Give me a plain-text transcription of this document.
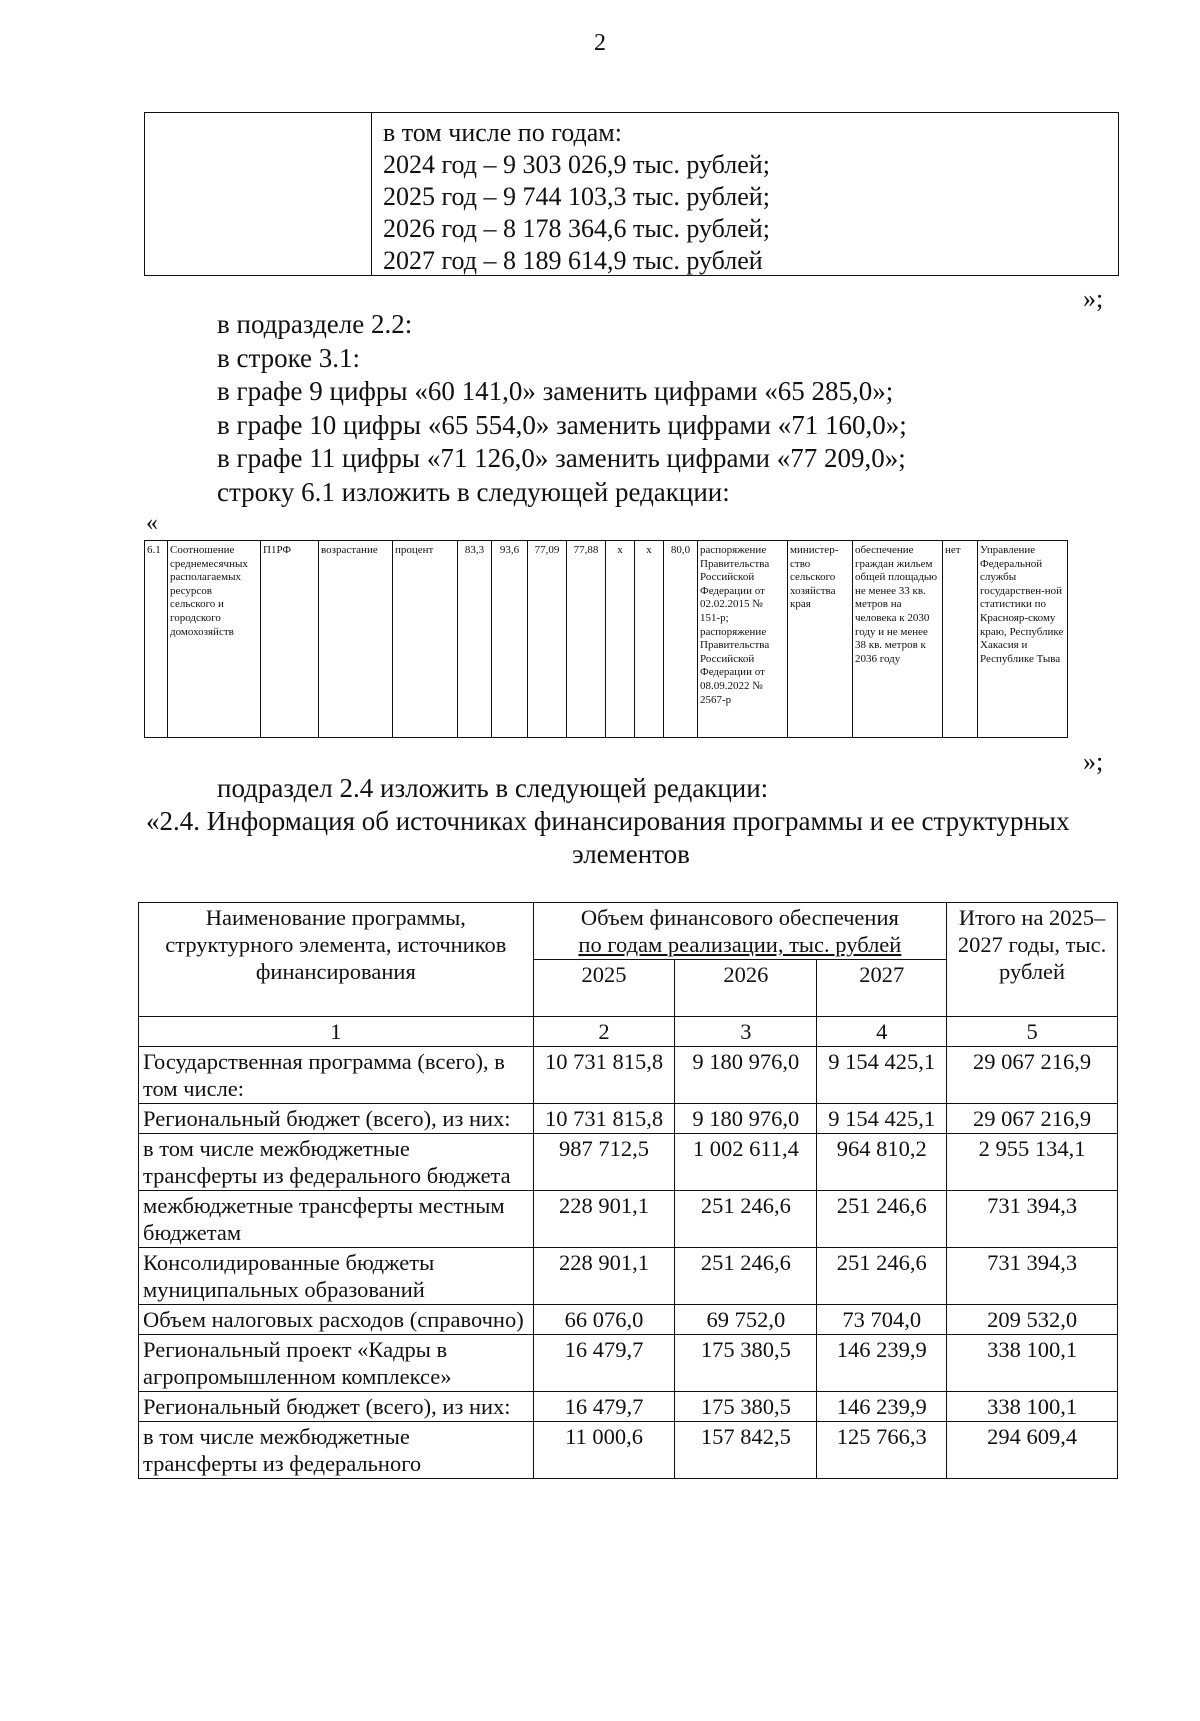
2
в том числе по годам:
2024 год – 9 303 026,9 тыс. рублей;
2025 год – 9 744 103,3 тыс. рублей;
2026 год – 8 178 364,6 тыс. рублей;
2027 год – 8 189 614,9 тыс. рублей
»;
в подразделе 2.2:
в строке 3.1:
в графе 9 цифры «60 141,0» заменить цифрами «65 285,0»;
в графе 10 цифры «65 554,0» заменить цифрами «71 160,0»;
в графе 11 цифры «71 126,0» заменить цифрами «77 209,0»;
строку 6.1 изложить в следующей редакции:
«
6.1	Соотношение среднемесячных располагаемых ресурсов сельского и городского домохозяйств	П1РФ	возрастание	процент	83,3	93,6	77,09	77,88	х	х	80,0	распоряжение Правительства Российской Федерации от 02.02.2015 № 151-р; распоряжение Правительства Российской Федерации от 08.09.2022 № 2567-р	министер-ство сельского хозяйства края	обеспечение граждан жильем общей площадью не менее 33 кв. метров на человека к 2030 году и не менее 38 кв. метров к 2036 году	нет	Управление Федеральной службы государствен-ной статистики по Краснояр-скому краю, Республике Хакасия и Республике Тыва
»;
подраздел 2.4 изложить в следующей редакции:
«2.4. Информация об источниках финансирования программы и ее структурных
элементов
Наименование программы, структурного элемента, источников финансирования	Объем финансового обеспечения
по годам реализации, тыс. рублей			Итого на 2025–2027 годы, тыс. рублей
	2025	2026	2027	
1	2	3	4	5
Государственная программа (всего), в том числе:	10 731 815,8	9 180 976,0	9 154 425,1	29 067 216,9
Региональный бюджет (всего), из них:	10 731 815,8	9 180 976,0	9 154 425,1	29 067 216,9
в том числе межбюджетные трансферты из федерального бюджета	987 712,5	1 002 611,4	964 810,2	2 955 134,1
межбюджетные трансферты местным бюджетам	228 901,1	251 246,6	251 246,6	731 394,3
Консолидированные бюджеты муниципальных образований	228 901,1	251 246,6	251 246,6	731 394,3
Объем налоговых расходов (справочно)	66 076,0	69 752,0	73 704,0	209 532,0
Региональный проект «Кадры в агропромышленном комплексе»	16 479,7	175 380,5	146 239,9	338 100,1
Региональный бюджет (всего), из них:	16 479,7	175 380,5	146 239,9	338 100,1
в том числе межбюджетные трансферты из федерального	11 000,6	157 842,5	125 766,3	294 609,4
